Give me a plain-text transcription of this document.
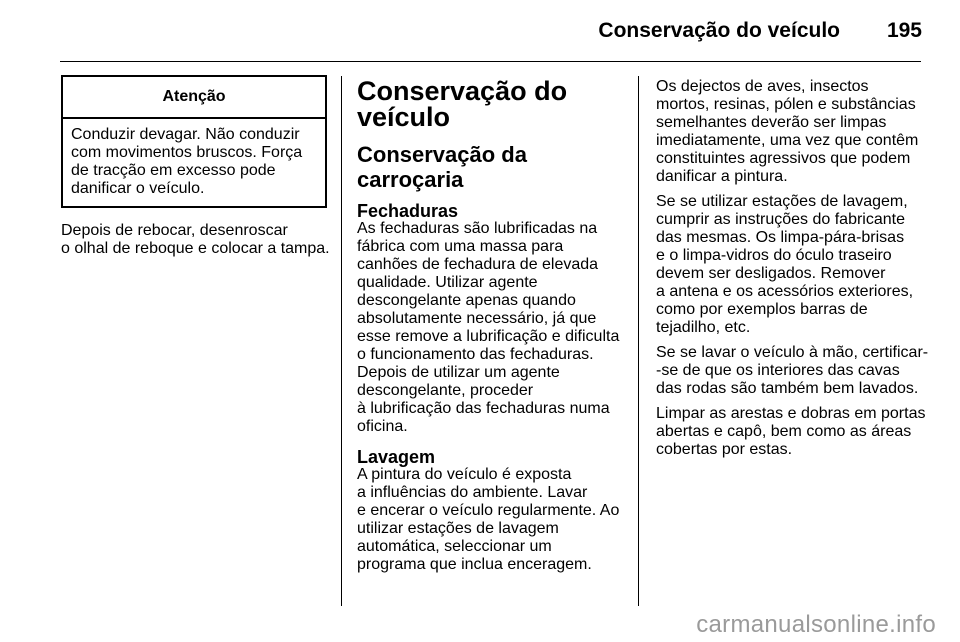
Conservação do veículo 195
Atenção
Conduzir devagar. Não conduzir
com movimentos bruscos. Força
de tracção em excesso pode
danificar o veículo.
Depois de rebocar, desenroscar
o olhal de reboque e colocar a tampa.
Conservação do
veículo
Conservação da
carroçaria
Fechaduras
As fechaduras são lubrificadas na
fábrica com uma massa para
canhões de fechadura de elevada
qualidade. Utilizar agente
descongelante apenas quando
absolutamente necessário, já que
esse remove a lubrificação e dificulta
o funcionamento das fechaduras.
Depois de utilizar um agente
descongelante, proceder
à lubrificação das fechaduras numa
oficina.
Lavagem
A pintura do veículo é exposta
a influências do ambiente. Lavar
e encerar o veículo regularmente. Ao
utilizar estações de lavagem
automática, seleccionar um
programa que inclua enceragem.

Os dejectos de aves, insectos
mortos, resinas, pólen e substâncias
semelhantes deverão ser limpas
imediatamente, uma vez que contêm
constituintes agressivos que podem
danificar a pintura.

Se se utilizar estações de lavagem,
cumprir as instruções do fabricante
das mesmas. Os limpa-pára-brisas
e o limpa-vidros do óculo traseiro
devem ser desligados. Remover
a antena e os acessórios exteriores,
como por exemplos barras de
tejadilho, etc.

Se se lavar o veículo à mão, certificar-
-se de que os interiores das cavas
das rodas são também bem lavados.

Limpar as arestas e dobras em portas
abertas e capô, bem como as áreas
cobertas por estas.

carmanualsonline.info
